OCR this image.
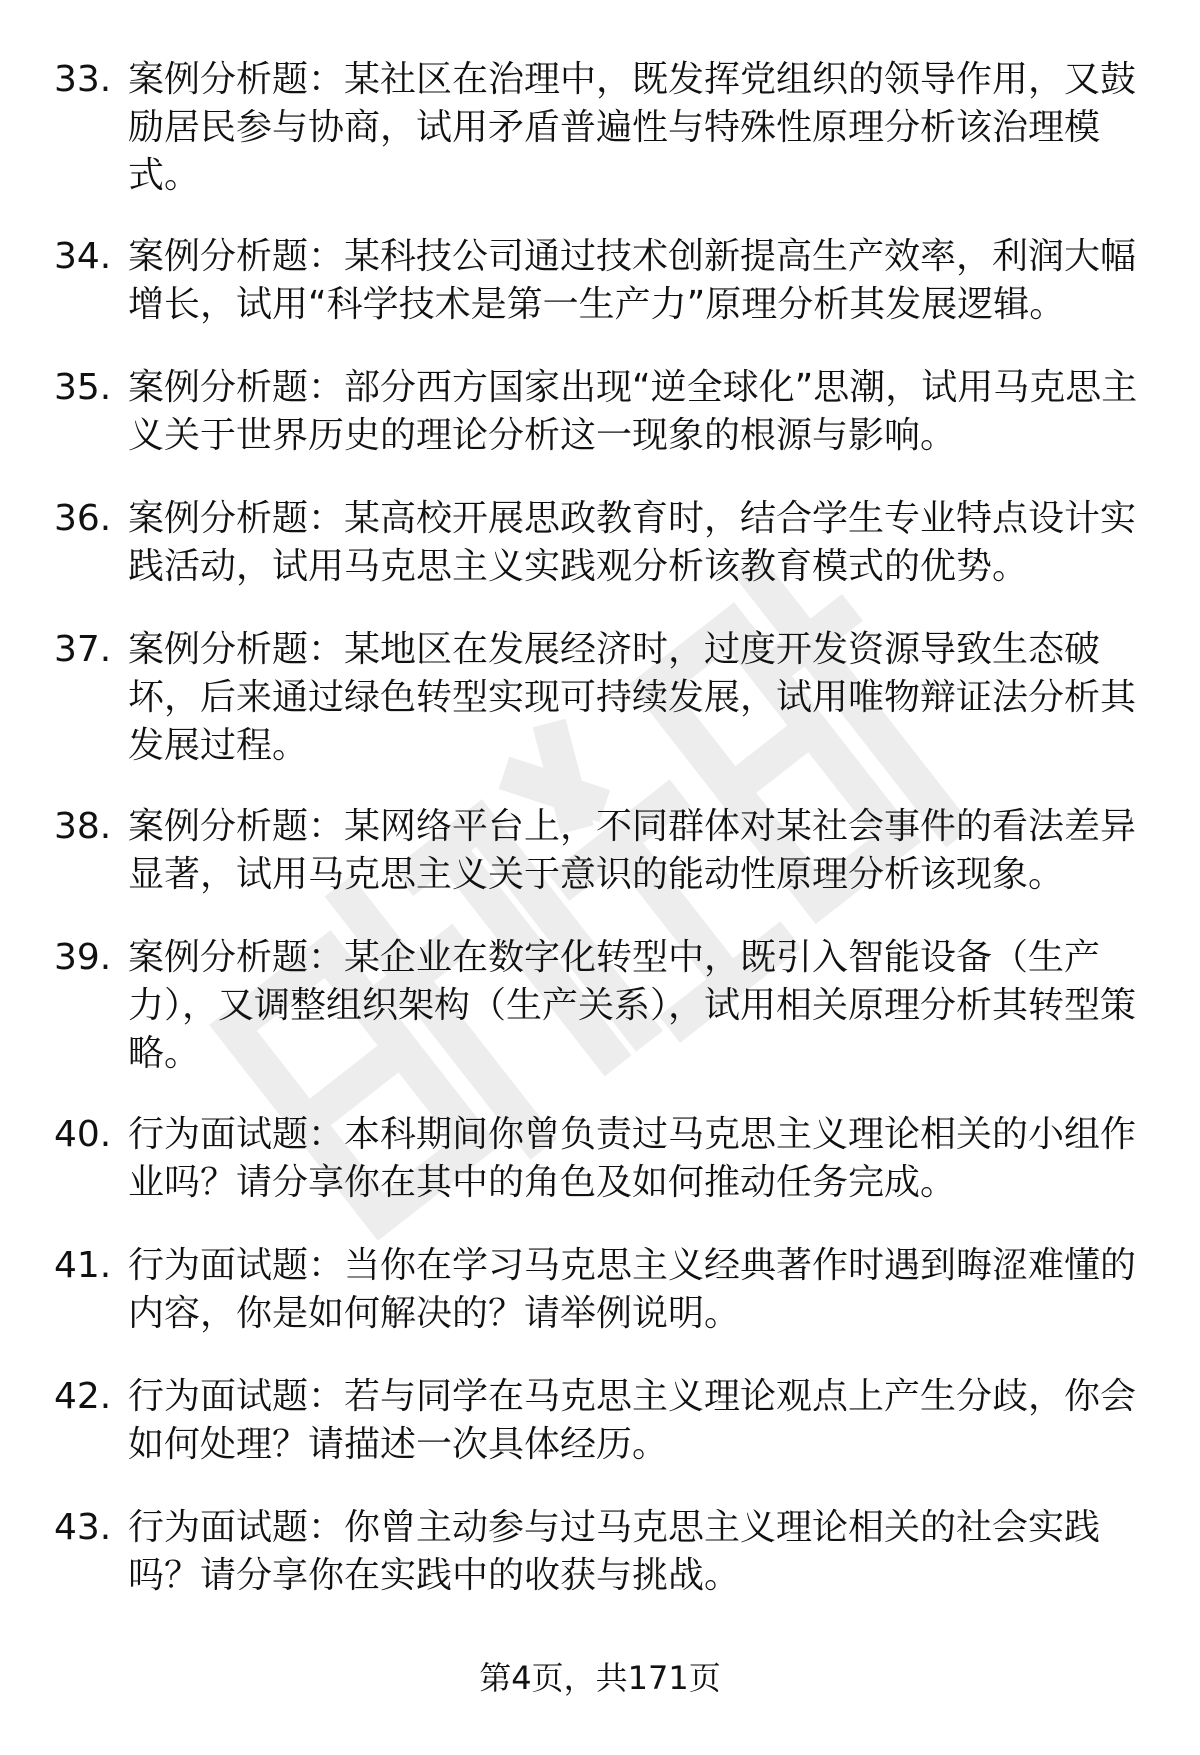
33. 案例分析题：某社区在治理中，既发挥党组织的领导作用，又鼓励居民参与协商，试用矛盾普遍性与特殊性原理分析该治理模式。
34. 案例分析题：某科技公司通过技术创新提高生产效率，利润大幅增长，试用“科学技术是第一生产力”原理分析其发展逻辑。
35. 案例分析题：部分西方国家出现“逆全球化”思潮，试用马克思主义关于世界历史的理论分析这一现象的根源与影响。
36. 案例分析题：某高校开展思政教育时，结合学生专业特点设计实践活动，试用马克思主义实践观分析该教育模式的优势。
37. 案例分析题：某地区在发展经济时，过度开发资源导致生态破坏，后来通过绿色转型实现可持续发展，试用唯物辩证法分析其发展过程。
38. 案例分析题：某网络平台上，不同群体对某社会事件的看法差异显著，试用马克思主义关于意识的能动性原理分析该现象。
39. 案例分析题：某企业在数字化转型中，既引入智能设备（生产力），又调整组织架构（生产关系），试用相关原理分析其转型策略。
40. 行为面试题：本科期间你曾负责过马克思主义理论相关的小组作业吗？请分享你在其中的角色及如何推动任务完成。
41. 行为面试题：当你在学习马克思主义经典著作时遇到晦涩难懂的内容，你是如何解决的？请举例说明。
42. 行为面试题：若与同学在马克思主义理论观点上产生分歧，你会如何处理？请描述一次具体经历。
43. 行为面试题：你曾主动参与过马克思主义理论相关的社会实践吗？请分享你在实践中的收获与挑战。
第4页，共171页
